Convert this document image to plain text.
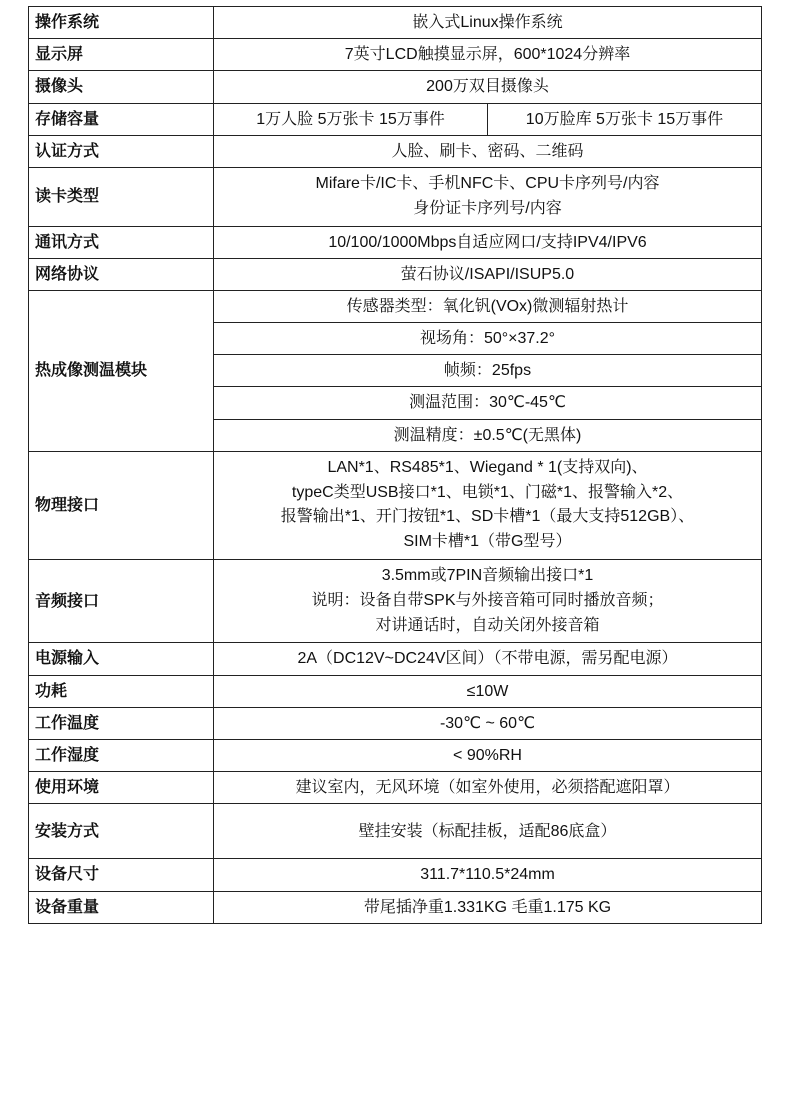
操作系统	嵌入式Linux操作系统	
显示屏	7英寸LCD触摸显示屏，600*1024分辨率	
摄像头	200万双目摄像头	
存储容量	1万人脸 5万张卡 15万事件	10万脸库 5万张卡 15万事件
认证方式	人脸、刷卡、密码、二维码	
读卡类型	Mifare卡/IC卡、手机NFC卡、CPU卡序列号/内容
身份证卡序列号/内容	

通讯方式	10/100/1000Mbps自适应网口/支持IPV4/IPV6	
网络协议	萤石协议/ISAPI/ISUP5.0	
热成像测温模块	传感器类型：氧化钒(VOx)微测辐射热计	
	视场角：50°×37.2°	
	帧频：25fps	
	测温范围：30℃-45℃	
	测温精度：±0.5℃(无黑体)	
物理接口	LAN*1、RS485*1、Wiegand * 1(支持双向)、
typeC类型USB接口*1、电锁*1、门磁*1、报警输入*2、
报警输出*1、开门按钮*1、SD卡槽*1（最大支持512GB）、
SIM卡槽*1（带G型号）	

音频接口	3.5mm或7PIN音频输出接口*1
说明：设备自带SPK与外接音箱可同时播放音频；
对讲通话时，自动关闭外接音箱	

电源输入	2A（DC12V~DC24V区间）（不带电源，需另配电源）	
功耗	≤10W	
工作温度	-30℃ ~ 60℃	
工作湿度	< 90%RH	
使用环境	建议室内，无风环境（如室外使用，必须搭配遮阳罩）	
安装方式	壁挂安装（标配挂板，适配86底盒）	
设备尺寸	311.7*110.5*24mm	
设备重量	带尾插净重1.331KG 毛重1.175 KG	
